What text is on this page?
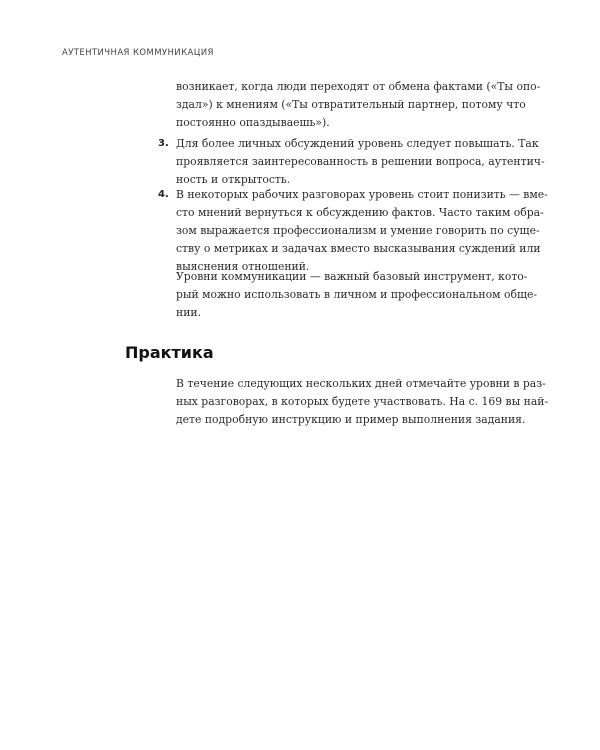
АУТЕНТИЧНАЯ КОММУНИКАЦИЯ
возникает, когда люди переходят от обмена фактами («Ты опо-
здал») к мнениям («Ты отвратительный партнер, потому что
постоянно опаздываешь»).
3. Для более личных обсуждений уровень следует повышать. Так
проявляется заинтересованность в решении вопроса, аутентич-
ность и открытость.
4. В некоторых рабочих разговорах уровень стоит понизить — вме-
сто мнений вернуться к обсуждению фактов. Часто таким обра-
зом выражается профессионализм и умение говорить по суще-
ству о метриках и задачах вместо высказывания суждений или
выяснения отношений.
Уровни коммуникации — важный базовый инструмент, кото-
рый можно использовать в личном и профессиональном обще-
нии.
Практика
В течение следующих нескольких дней отмечайте уровни в раз-
ных разговорах, в которых будете участвовать. На с. 169 вы най-
дете подробную инструкцию и пример выполнения задания.
